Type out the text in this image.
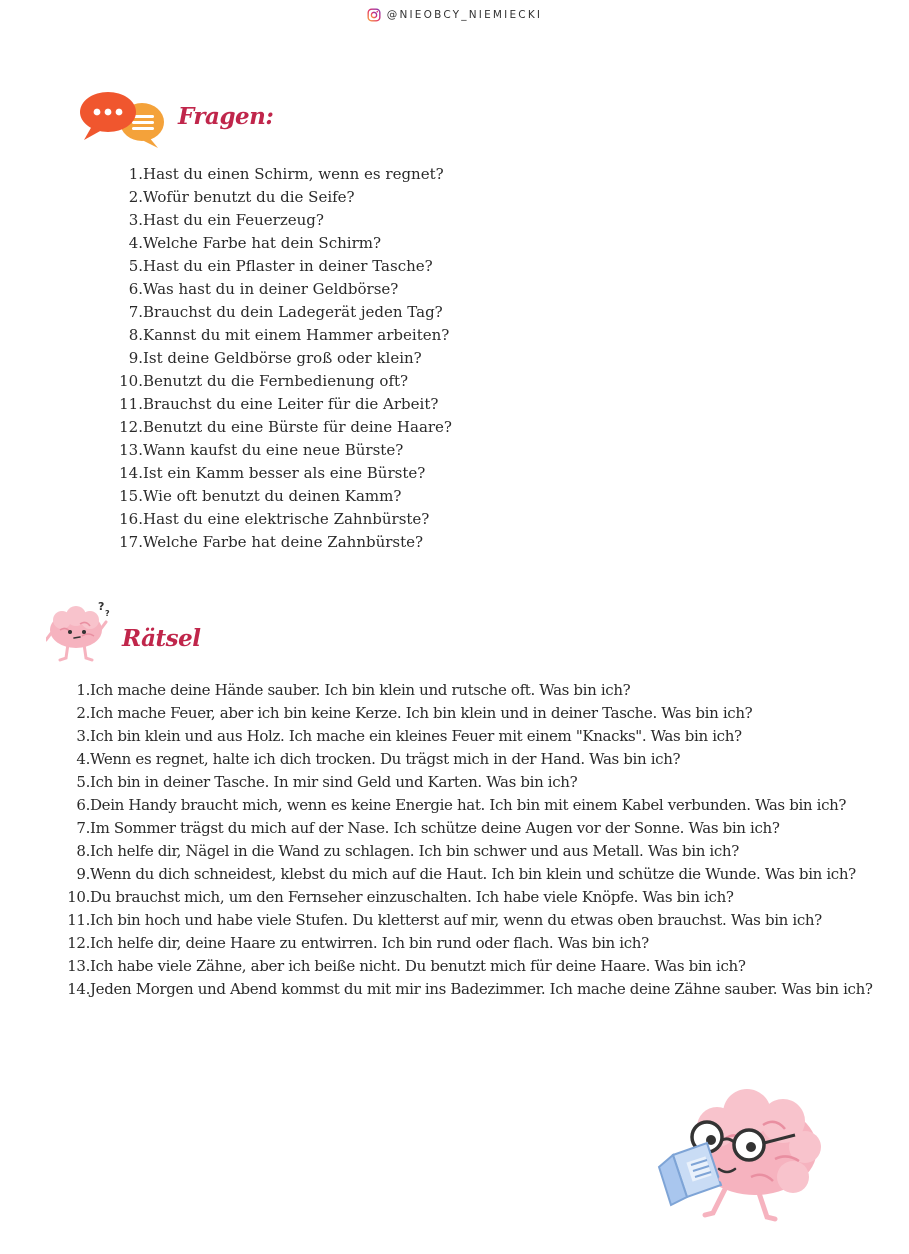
@NIEOBCY_NIEMIECKI
Fragen:
1. Hast du einen Schirm, wenn es regnet?
2. Wofür benutzt du die Seife?
3. Hast du ein Feuerzeug?
4. Welche Farbe hat dein Schirm?
5. Hast du ein Pflaster in deiner Tasche?
6. Was hast du in deiner Geldbörse?
7. Brauchst du dein Ladegerät jeden Tag?
8. Kannst du mit einem Hammer arbeiten?
9. Ist deine Geldbörse groß oder klein?
10. Benutzt du die Fernbedienung oft?
11. Brauchst du eine Leiter für die Arbeit?
12. Benutzt du eine Bürste für deine Haare?
13. Wann kaufst du eine neue Bürste?
14. Ist ein Kamm besser als eine Bürste?
15. Wie oft benutzt du deinen Kamm?
16. Hast du eine elektrische Zahnbürste?
17. Welche Farbe hat deine Zahnbürste?
?
?
Rätsel
1. Ich mache deine Hände sauber. Ich bin klein und rutsche oft. Was bin ich?
2. Ich mache Feuer, aber ich bin keine Kerze. Ich bin klein und in deiner Tasche. Was bin ich?
3. Ich bin klein und aus Holz. Ich mache ein kleines Feuer mit einem "Knacks". Was bin ich?
4. Wenn es regnet, halte ich dich trocken. Du trägst mich in der Hand. Was bin ich?
5. Ich bin in deiner Tasche. In mir sind Geld und Karten. Was bin ich?
6. Dein Handy braucht mich, wenn es keine Energie hat. Ich bin mit einem Kabel verbunden. Was bin ich?
7. Im Sommer trägst du mich auf der Nase. Ich schütze deine Augen vor der Sonne. Was bin ich?
8. Ich helfe dir, Nägel in die Wand zu schlagen. Ich bin schwer und aus Metall. Was bin ich?
9. Wenn du dich schneidest, klebst du mich auf die Haut. Ich bin klein und schütze die Wunde. Was bin ich?
10. Du brauchst mich, um den Fernseher einzuschalten. Ich habe viele Knöpfe. Was bin ich?
11. Ich bin hoch und habe viele Stufen. Du kletterst auf mir, wenn du etwas oben brauchst. Was bin ich?
12. Ich helfe dir, deine Haare zu entwirren. Ich bin rund oder flach. Was bin ich?
13. Ich habe viele Zähne, aber ich beiße nicht. Du benutzt mich für deine Haare. Was bin ich?
14. Jeden Morgen und Abend kommst du mit mir ins Badezimmer. Ich mache deine Zähne sauber. Was bin ich?
